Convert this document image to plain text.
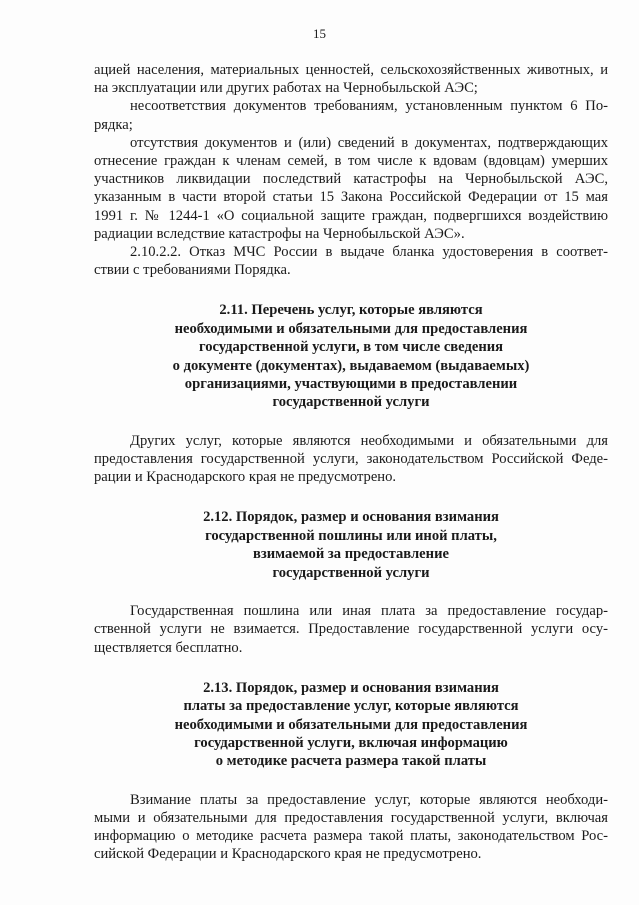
15
ацией населения, материальных ценностей, сельскохозяйственных животных, и
на эксплуатации или других работах на Чернобыльской АЭС;
несоответствия документов требованиям, установленным пунктом 6 По-
рядка;
отсутствия документов и (или) сведений в документах, подтверждающих
отнесение граждан к членам семей, в том числе к вдовам (вдовцам) умерших
участников ликвидации последствий катастрофы на Чернобыльской АЭС,
указанным в части второй статьи 15 Закона Российской Федерации от 15 мая
1991 г. № 1244-1 «О социальной защите граждан, подвергшихся воздействию
радиации вследствие катастрофы на Чернобыльской АЭС».
2.10.2.2. Отказ МЧС России в выдаче бланка удостоверения в соответ-
ствии с требованиями Порядка.
2.11. Перечень услуг, которые являются
необходимыми и обязательными для предоставления
государственной услуги, в том числе сведения
о документе (документах), выдаваемом (выдаваемых)
организациями, участвующими в предоставлении
государственной услуги
Других услуг, которые являются необходимыми и обязательными для
предоставления государственной услуги, законодательством Российской Феде-
рации и Краснодарского края не предусмотрено.
2.12. Порядок, размер и основания взимания
государственной пошлины или иной платы,
взимаемой за предоставление
государственной услуги
Государственная пошлина или иная плата за предоставление государ-
ственной услуги не взимается. Предоставление государственной услуги осу-
ществляется бесплатно.
2.13. Порядок, размер и основания взимания
платы за предоставление услуг, которые являются
необходимыми и обязательными для предоставления
государственной услуги, включая информацию
о методике расчета размера такой платы
Взимание платы за предоставление услуг, которые являются необходи-
мыми и обязательными для предоставления государственной услуги, включая
информацию о методике расчета размера такой платы, законодательством Рос-
сийской Федерации и Краснодарского края не предусмотрено.
